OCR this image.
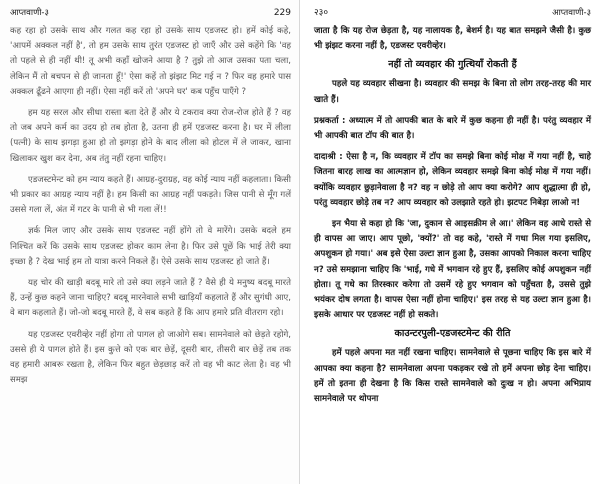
आप्तवाणी-३	229

कह रहा हो उसके साथ और गलत कह रहा हो उसके साथ एडजस्ट हो। हमें कोई कहे, 'आपमें अक्कल नहीं है', तो हम उसके साथ तुरंत एडजस्ट हो जाएँ और उसे कहेंगे कि 'वह तो पहले से ही नहीं थी! तू अभी कहाँ खोजने आया है ? तुझे तो आज उसका पता चला, लेकिन मैं तो बचपन से ही जानता हूँ!' ऐसा कहें तो झंझट मिट गई न ? फिर वह हमारे पास अक्कल ढूँढने आएगा ही नहीं। ऐसा नहीं करें तो 'अपने घर' कब पहुँच पाएँगे ?

हम यह सरल और सीधा रास्ता बता देते हैं और ये टकराव क्या रोज-रोज होते हैं ? वह तो जब अपने कर्म का उदय हो तब होता है, उतना ही हमें एडजस्ट करना है। घर में लीला (पत्नी) के साथ झगड़ा हुआ हो तो झगड़ा होने के बाद लीला को होटल में ले जाकर, खाना खिलाकर खुश कर देना, अब तंतु नहीं रहना चाहिए।

एडजस्टमेन्ट को हम न्याय कहते हैं। आग्रह-दुराग्रह, वह कोई न्याय नहीं कहलाता। किसी भी प्रकार का आग्रह न्याय नहीं है। हम किसी का आग्रह नहीं पकड़ते। जिस पानी से मूँग गलें उससे गला लें, अंत में गटर के पानी से भी गला लें!!

ज्ञर्क मिल जाए और उसके साथ एडजस्ट नहीं होंगे तो वे मारेंगे। उसके बदले हम निश्चित करें कि उसके साथ एडजस्ट होकर काम लेना है। फिर उसे पूछें कि भाई तेरी क्या इच्छा है ? देख भाई हम तो यात्रा करने निकले हैं। ऐसे उसके साथ एडजस्ट हो जाते हैं।

यह चोर की खाड़ी बदबू मारे तो उसे क्या लड़ने जाते हैं ? वैसे ही ये मनुष्य बदबू मारते हैं, उन्हें कुछ कहने जाना चाहिए? बदबू मारनेवाले सभी खाड़ियाँ कहलाते हैं और सुगंधी आए, वे बाग कहलाते हैं। जो-जो बदबू मारते हैं, वे सब कहते हैं कि आप हमारे प्रति वीतराग रहो।

यह एडजस्ट एवरीव्हेर नहीं होगा तो पागल हो जाओगे सब। सामनेवाले को छेड़ते रहोगे, उससे ही ये पागल होते हैं। इस कुत्ते को एक बार छेड़ें, दूसरी बार, तीसरी बार छेड़ें तब तक वह हमारी आबरू रखता है, लेकिन फिर बहुत छेड़छाड़ करें तो वह भी काट लेता है। वह भी समझ

२३०	आप्तवाणी-३

जाता है कि यह रोज छेड़ता है, यह नालायक है, बेशर्म है। यह बात समझने जैसी है। कुछ भी झंझट करना नहीं है, एडजस्ट एवरीव्हेर।

नहीं तो व्यवहार की गुत्थियाँ रोकती हैं

पहले यह व्यवहार सीखना है। व्यवहार की समझ के बिना तो लोग तरह-तरह की मार खाते हैं।

प्रश्नकर्ता : अध्यात्म में तो आपकी बात के बारे में कुछ कहना ही नहीं है। परंतु व्यवहार में भी आपकी बात टॉप की बात है।

दादाश्री : ऐसा है न, कि व्यवहार में टॉप का समझे बिना कोई मोक्ष में गया नहीं है, चाहे जितना बारह लाख का आत्मज्ञान हो, लेकिन व्यवहार समझे बिना कोई मोक्ष में गया नहीं। क्योंकि व्यवहार छुड़ानेवाला है न? वह न छोड़े तो आप क्या करोगे? आप शुद्धात्मा ही हो, परंतु व्यवहार छोड़े तब न? आप व्यवहार को उलझाते रहते हो। झटपट निबेड़ा लाओ न!

इन भैया से कहा हो कि 'जा, दुकान से आइसक्रीम ले आ।' लेकिन वह आधे रास्ते से ही वापस आ जाए। आप पूछो, 'क्यों?' तो वह कहे, 'रास्ते में गधा मिल गया इसलिए, अपशुकन हो गया।' अब इसे ऐसा उल्टा ज्ञान हुआ है, उसका आपको निकाल करना चाहिए न? उसे समझाना चाहिए कि 'भाई, गधे में भगवान रहे हुए हैं, इसलिए कोई अपशुकन नहीं होता। तू गधे का तिरस्कार करेगा तो उसमें रहे हुए भगवान को पहुँचता है, उससे तुझे भयंकर दोष लगता है। वापस ऐसा नहीं होना चाहिए।' इस तरह से यह उल्टा ज्ञान हुआ है। इसके आधार पर एडजस्ट नहीं हो सकते।

काउन्टरपुली-एडजस्टमेन्ट की रीति

हमें पहले अपना मत नहीं रखना चाहिए। सामनेवाले से पूछना चाहिए कि इस बारे में आपका क्या कहना है? सामनेवाला अपना पकड़कर रखे तो हमें अपना छोड़ देना चाहिए। हमें तो इतना ही देखना है कि किस रास्ते सामनेवाले को दुःख न हो। अपना अभिप्राय सामनेवाले पर थोपना
